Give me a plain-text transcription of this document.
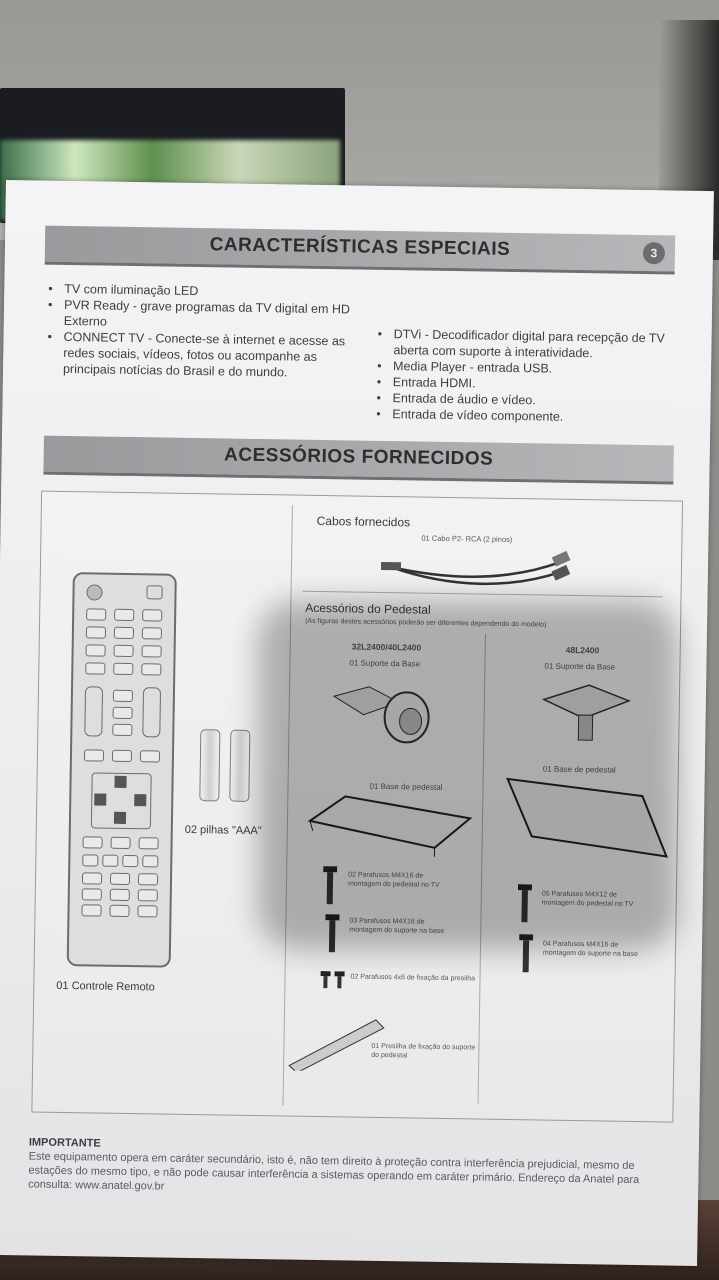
CARACTERÍSTICAS ESPECIAIS	3
• TV com iluminação LED
• PVR Ready - grave programas da TV digital em HD Externo
• CONNECT TV - Conecte-se à internet e acesse as redes sociais, vídeos, fotos ou acompanhe as principais notícias do Brasil e do mundo.
• DTVi - Decodificador digital para recepção de TV aberta com suporte à interatividade.
• Media Player - entrada USB.
• Entrada HDMI.
• Entrada de áudio e vídeo.
• Entrada de vídeo componente.
ACESSÓRIOS FORNECIDOS
01 Controle Remoto
02 pilhas "AAA"
Cabos fornecidos
01 Cabo P2- RCA (2 pinos)
Acessórios do Pedestal
(As figuras destes acessórios poderão ser diferentes dependendo do modelo)
32L2400/40L2400
01 Suporte da Base
01 Base de pedestal
02 Parafusos M4X16 de montagem do pedestal no TV
03 Parafusos M4X16 de montagem do suporte na base
02 Parafusos 4x6 de fixação da presilha
01 Presilha de fixação do suporte do pedestal
48L2400
01 Suporte da Base
01 Base de pedestal
05 Parafusos M4X12 de montagem do pedestal no TV
04 Parafusos M4X16 de montagem do suporte na base
IMPORTANTE
Este equipamento opera em caráter secundário, isto é, não tem direito à proteção contra interferência prejudicial, mesmo de estações do mesmo tipo, e não pode causar interferência a sistemas operando em caráter primário. Endereço da Anatel para consulta: www.anatel.gov.br
